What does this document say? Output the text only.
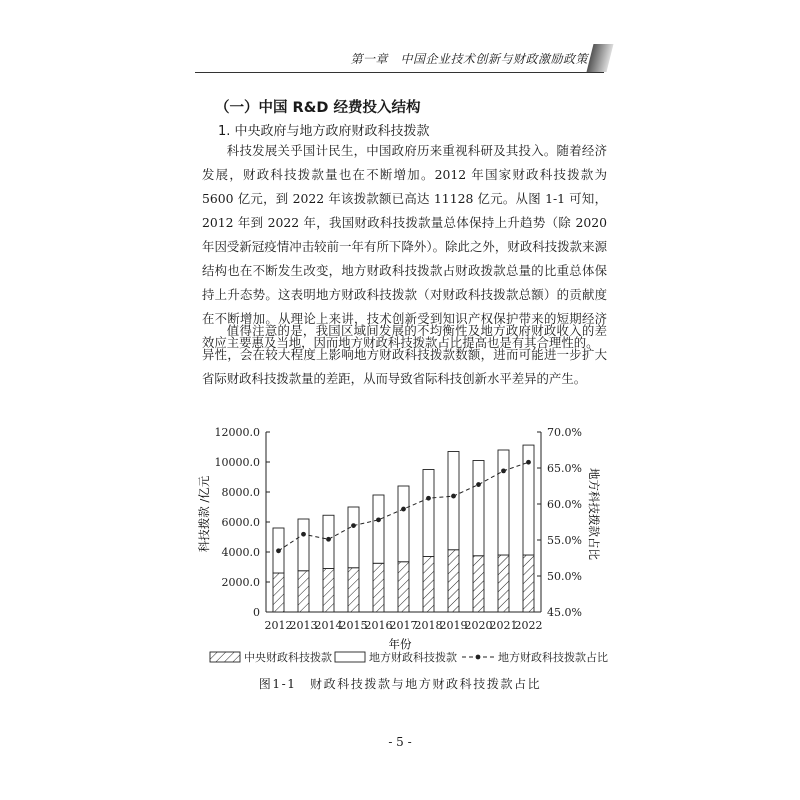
第一章　中国企业技术创新与财政激励政策
（一）中国 R&D 经费投入结构
1. 中央政府与地方政府财政科技拨款

科技发展关乎国计民生，中国政府历来重视科研及其投入。随着经济发展，财政科技拨款量也在不断增加。2012 年国家财政科技拨款为 5600 亿元，到 2022 年该拨款额已高达 11128 亿元。从图 1-1 可知，2012 年到 2022 年，我国财政科技拨款量总体保持上升趋势（除 2020 年因受新冠疫情冲击较前一年有所下降外）。除此之外，财政科技拨款来源结构也在不断发生改变，地方财政科技拨款占财政拨款总量的比重总体保持上升态势。这表明地方财政科技拨款（对财政科技拨款总额）的贡献度在不断增加。从理论上来讲，技术创新受到知识产权保护带来的短期经济效应主要惠及当地，因而地方财政科技拨款占比提高也是有其合理性的。

值得注意的是，我国区域间发展的不均衡性及地方政府财政收入的差异性，会在较大程度上影响地方财政科技拨款数额，进而可能进一步扩大省际财政科技拨款量的差距，从而导致省际科技创新水平差异的产生。

科技拨款 /亿元	地方科技拨款占比
年份
0
2000.0
4000.0
6000.0
8000.0
10000.0
12000.0
45.0%
50.0%
55.0%
60.0%
65.0%
70.0%
2012
2013
2014
2015
2016
2017
2018
2019
2020
2021
2022
中央财政科技拨款	地方财政科技拨款	地方财政科技拨款占比
图1-1　财政科技拨款与地方财政科技拨款占比
- 5 -
